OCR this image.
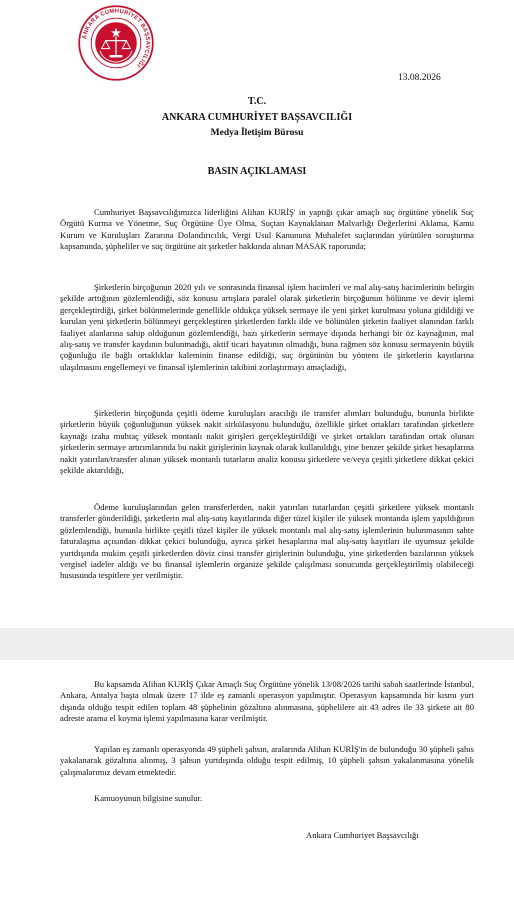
ANKARA CUMHURİYET BAŞSAVCILIĞI
13.08.2026
T.C.
ANKARA CUMHURİYET BAŞSAVCILIĞI
Medya İletişim Bürosu
BASIN AÇIKLAMASI
Cumhuriyet Başsavcılığımızca liderliğini Alihan KURİŞ' in yaptığı çıkar amaçlı suç örgütüne yönelik Suç Örgütü Kurma ve Yönetme, Suç Örgütüne Üye Olma, Suçtan Kaynaklanan Malvarlığı Değerlerini Aklama, Kamu Kurum ve Kuruluşları Zararına Dolandırıcılık, Vergi Usul Kanununa Muhalefet suçlarından yürütülen soruşturma kapsamında, şüpheliler ve suç örgütüne ait şirketler hakkında alınan MASAK raporunda;
Şirketlerin birçoğunun 2020 yılı ve sonrasında finansal işlem hacimleri ve mal alış-satış hacimlerinin belirgin şekilde arttığının gözlemlendiği, söz konusu artışlara paralel olarak şirketlerin birçoğunun bölünme ve devir işlemi gerçekleştirdiği, şirket bölünmelerinde genellikle oldukça yüksek sermaye ile yeni şirket kurulması yoluna gidildiği ve kurulan yeni şirketlerin bölünmeyi gerçekleştiren şirketlerden farklı ilde ve bölünülen şirketin faaliyet alanından farklı faaliyet alanlarına sahip olduğunun gözlemlendiği, bazı şirketlerin sermaye dışında herhangi bir öz kaynağının, mal alış-satış ve transfer kaydının bulunmadığı, aktif ticari hayatının olmadığı, buna rağmen söz konusu sermayenin büyük çoğunluğu ile bağlı ortaklıklar kaleminin finanse edildiği, suç örgütünün bu yöntem ile şirketlerin kayıtlarına ulaşılmasını engellemeyi ve finansal işlemlerinin takibini zorlaştırmayı amaçladığı,
Şirketlerin birçoğunda çeşitli ödeme kuruluşları aracılığı ile transfer alımları bulunduğu, bununla birlikte şirketlerin büyük çoğunluğunun yüksek nakit sirkülasyonu bulunduğu, özellikle şirket ortakları tarafından şirketlere kaynağı izaha muhtaç yüksek montanlı nakit girişleri gerçekleştirildiği ve şirket ortakları tarafından ortak olunan şirketlerin sermaye artırımlarında bu nakit girişlerinin kaynak olarak kullanıldığı, yine benzer şekilde şirket hesaplarına nakit yatırılan/transfer alınan yüksek montanlı tutarların analiz konusu şirketlere ve/veya çeşitli şirketlere dikkat çekici şekilde aktarıldığı,
Ödeme kuruluşlarından gelen transferlerden, nakit yatırılan tutarlardan çeşitli şirketlere yüksek montanlı transferler gönderildiği, şirketlerin mal alış-satış kayıtlarında diğer tüzel kişiler ile yüksek montanda işlem yapıldığının gözlemlendiği, bununla birlikte çeşitli tüzel kişiler ile yüksek montanlı mal alış-satış işlemlerinin bulunmasının sahte faturalaşma açısından dikkat çekici bulunduğu, ayrıca şirket hesaplarına mal alış-satış kayıtları ile uyumsuz şekilde yurtdışında mukim çeşitli şirketlerden döviz cinsi transfer girişlerinin bulunduğu, yine şirketlerden bazılarının yüksek vergisel iadeler aldığı ve bu finansal işlemlerin organize şekilde çalışılması sonucunda gerçekleştirilmiş olabileceği hususunda tespitlere yer verilmiştir.
Bu kapsamda Alihan KURİŞ Çıkar Amaçlı Suç Örgütüne yönelik 13/08/2026 tarihi sabah saatlerinde İstanbul, Ankara, Antalya başta olmak üzere 17 ilde eş zamanlı operasyon yapılmıştır. Operasyon kapsamında bir kısmı yurt dışında olduğu tespit edilen toplam 48 şüphelinin gözaltına alınmasına, şüphelilere ait 43 adres ile 33 şirkete ait 80 adreste arama el koyma işlemi yapılmasına karar verilmiştir.
Yapılan eş zamanlı operasyonda 49 şüpheli şahsın, aralarında Alihan KURİŞ'in de bulunduğu 30 şüpheli şahıs yakalanarak gözaltına alınmış, 3 şahsın yurtdışında olduğu tespit edilmiş, 10 şüpheli şahsın yakalanmasına yönelik çalışmalarımız devam etmektedir.
Kamuoyunun bilgisine sunulur.
Ankara Cumhuriyet Başsavcılığı
